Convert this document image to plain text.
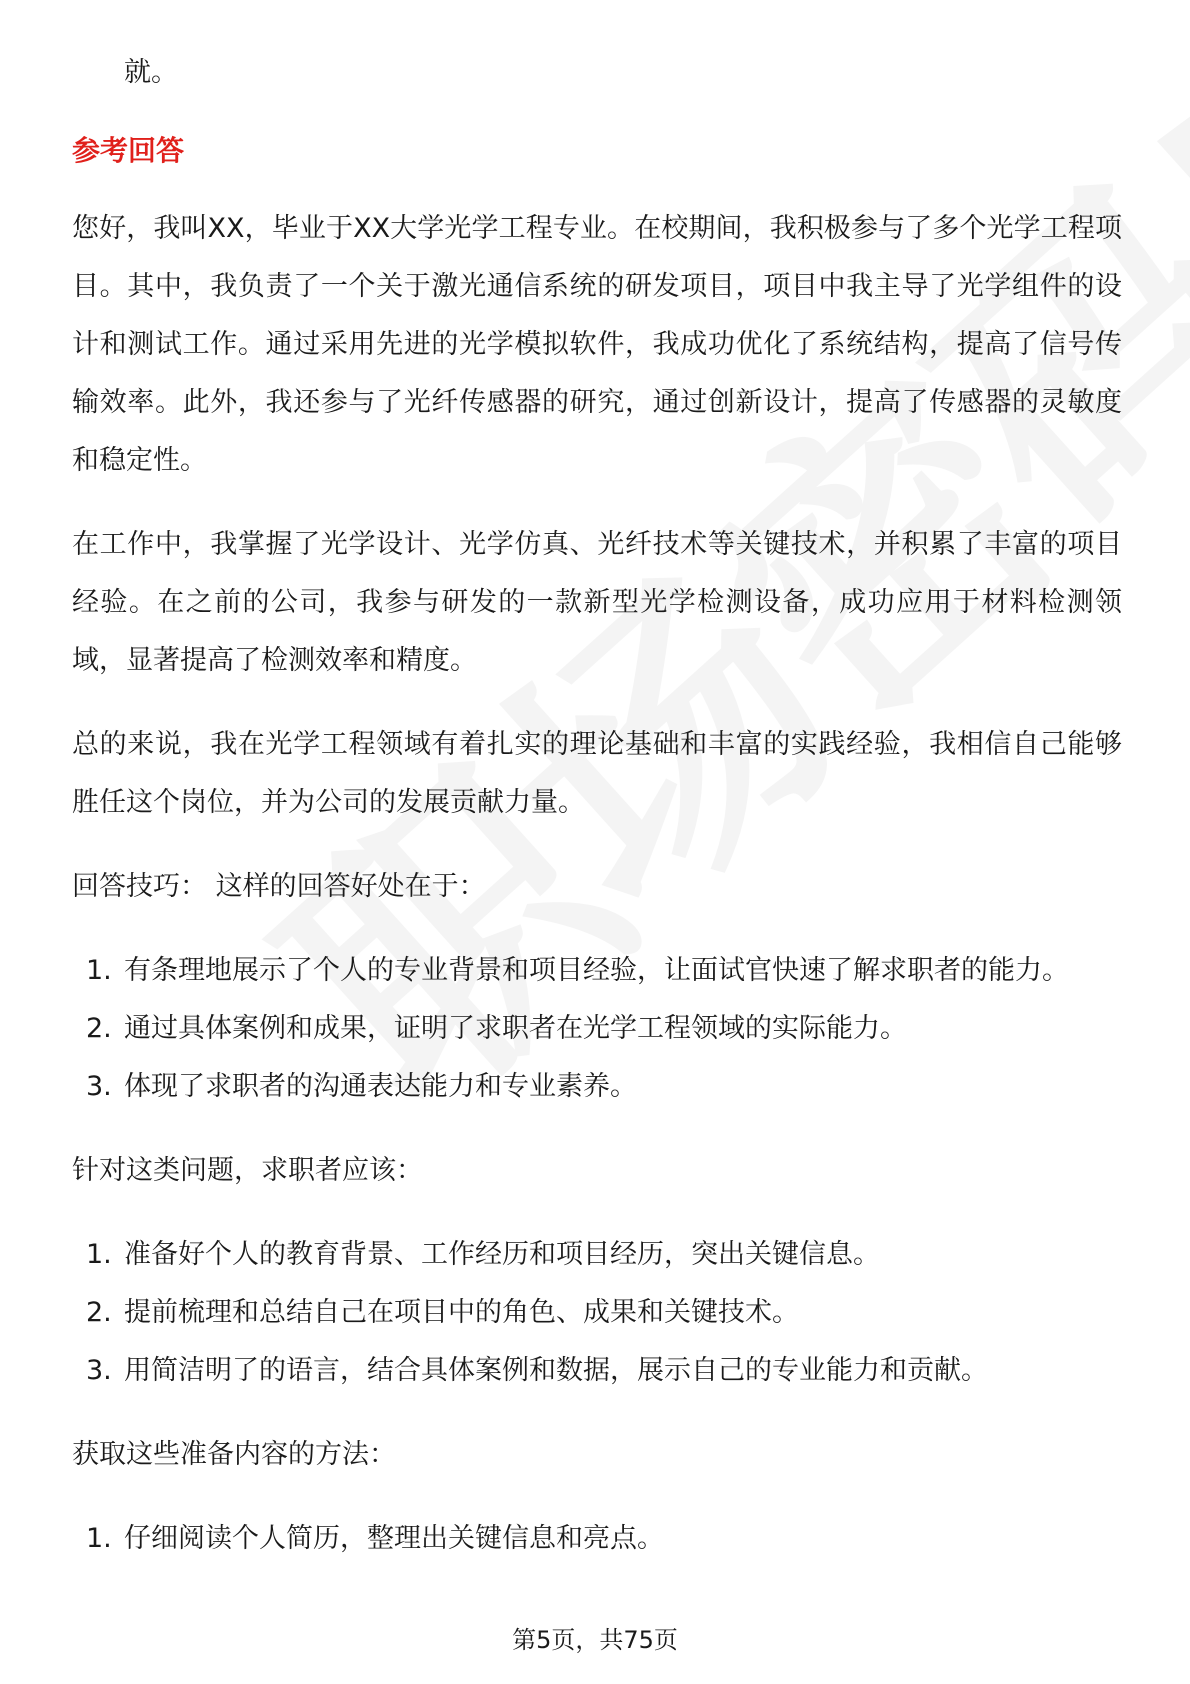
就。

参考回答

您好，我叫XX，毕业于XX大学光学工程专业。在校期间，我积极参与了多个光学工程项目。其中，我负责了一个关于激光通信系统的研发项目，项目中我主导了光学组件的设计和测试工作。通过采用先进的光学模拟软件，我成功优化了系统结构，提高了信号传输效率。此外，我还参与了光纤传感器的研究，通过创新设计，提高了传感器的灵敏度和稳定性。

在工作中，我掌握了光学设计、光学仿真、光纤技术等关键技术，并积累了丰富的项目经验。在之前的公司，我参与研发的一款新型光学检测设备，成功应用于材料检测领域，显著提高了检测效率和精度。

总的来说，我在光学工程领域有着扎实的理论基础和丰富的实践经验，我相信自己能够胜任这个岗位，并为公司的发展贡献力量。

回答技巧： 这样的回答好处在于：

1. 有条理地展示了个人的专业背景和项目经验，让面试官快速了解求职者的能力。
2. 通过具体案例和成果，证明了求职者在光学工程领域的实际能力。
3. 体现了求职者的沟通表达能力和专业素养。

针对这类问题，求职者应该：

1. 准备好个人的教育背景、工作经历和项目经历，突出关键信息。
2. 提前梳理和总结自己在项目中的角色、成果和关键技术。
3. 用简洁明了的语言，结合具体案例和数据，展示自己的专业能力和贡献。

获取这些准备内容的方法：

1. 仔细阅读个人简历，整理出关键信息和亮点。
第5页，共75页
